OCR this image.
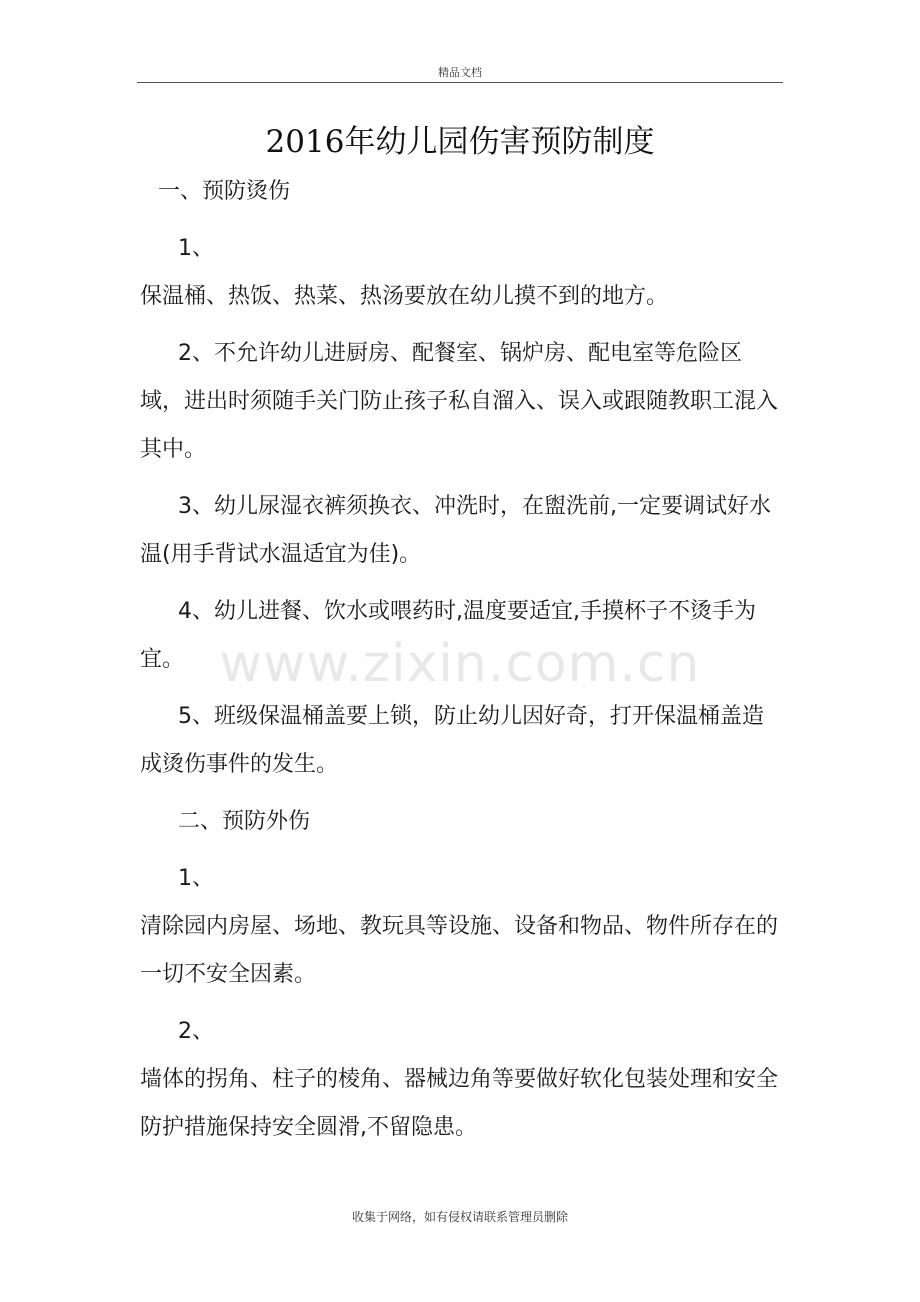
精品文档
2016年幼儿园伤害预防制度
一、预防烫伤
1、
保温桶、热饭、热菜、热汤要放在幼儿摸不到的地方。
2、不允许幼儿进厨房、配餐室、锅炉房、配电室等危险区域，进出时须随手关门防止孩子私自溜入、误入或跟随教职工混入其中。
3、幼儿尿湿衣裤须换衣、冲洗时，在盥洗前,一定要调试好水温(用手背试水温适宜为佳)。
4、幼儿进餐、饮水或喂药时,温度要适宜,手摸杯子不烫手为宜。
5、班级保温桶盖要上锁，防止幼儿因好奇，打开保温桶盖造成烫伤事件的发生。
二、预防外伤
1、
清除园内房屋、场地、教玩具等设施、设备和物品、物件所存在的一切不安全因素。
2、
墙体的拐角、柱子的棱角、器械边角等要做好软化包装处理和安全防护措施保持安全圆滑,不留隐患。
www.zixin.com.cn
收集于网络，如有侵权请联系管理员删除
